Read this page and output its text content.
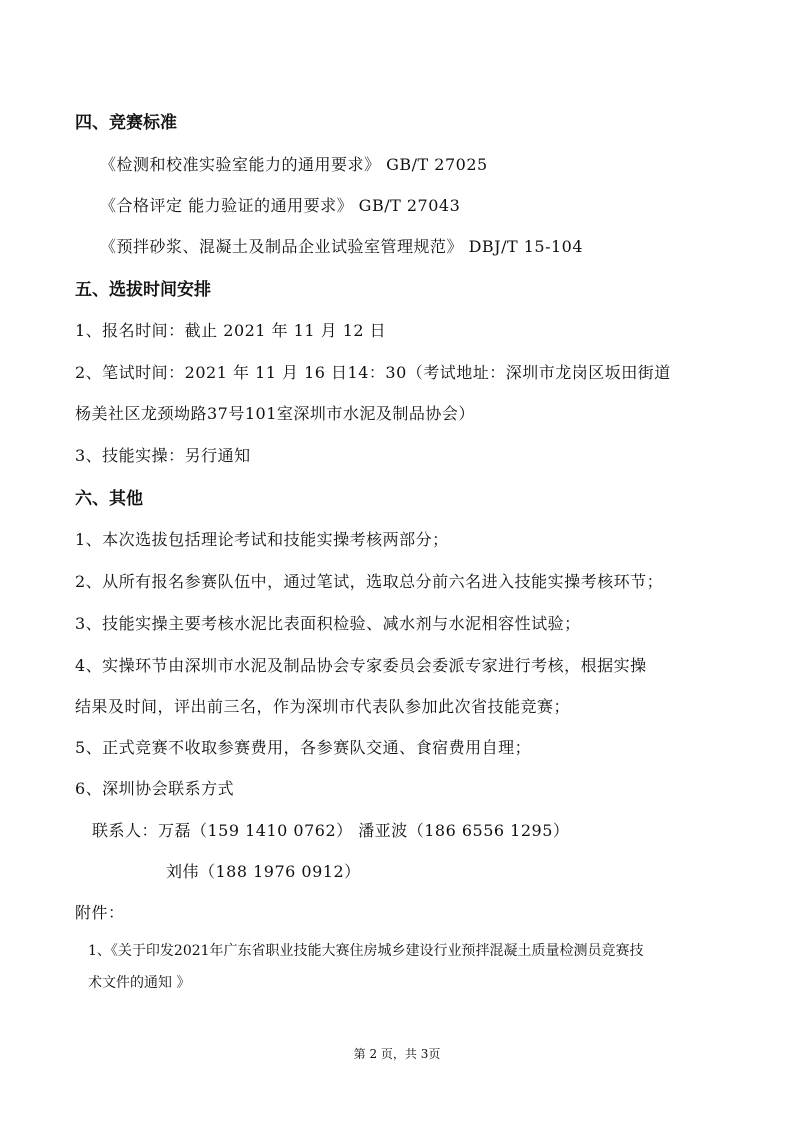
四、竞赛标准
《检测和校准实验室能力的通用要求》 GB/T 27025
《合格评定 能力验证的通用要求》 GB/T 27043
《预拌砂浆、混凝土及制品企业试验室管理规范》 DBJ/T 15-104
五、选拔时间安排
1、报名时间：截止 2021 年 11 月 12 日
2、笔试时间：2021 年 11 月 16 日14：30（考试地址：深圳市龙岗区坂田街道
杨美社区龙颈坳路37号101室深圳市水泥及制品协会）
3、技能实操：另行通知
六、其他
1、本次选拔包括理论考试和技能实操考核两部分；
2、从所有报名参赛队伍中，通过笔试，选取总分前六名进入技能实操考核环节；
3、技能实操主要考核水泥比表面积检验、减水剂与水泥相容性试验；
4、实操环节由深圳市水泥及制品协会专家委员会委派专家进行考核，根据实操
结果及时间，评出前三名，作为深圳市代表队参加此次省技能竞赛；
5、正式竞赛不收取参赛费用，各参赛队交通、食宿费用自理；
6、深圳协会联系方式
联系人：万磊（159 1410 0762） 潘亚波（186 6556 1295）
刘伟（188 1976 0912）
附件：
1、《关于印发2021年广东省职业技能大赛住房城乡建设行业预拌混凝土质量检测员竞赛技
术文件的通知 》
第 2 页，共 3页
